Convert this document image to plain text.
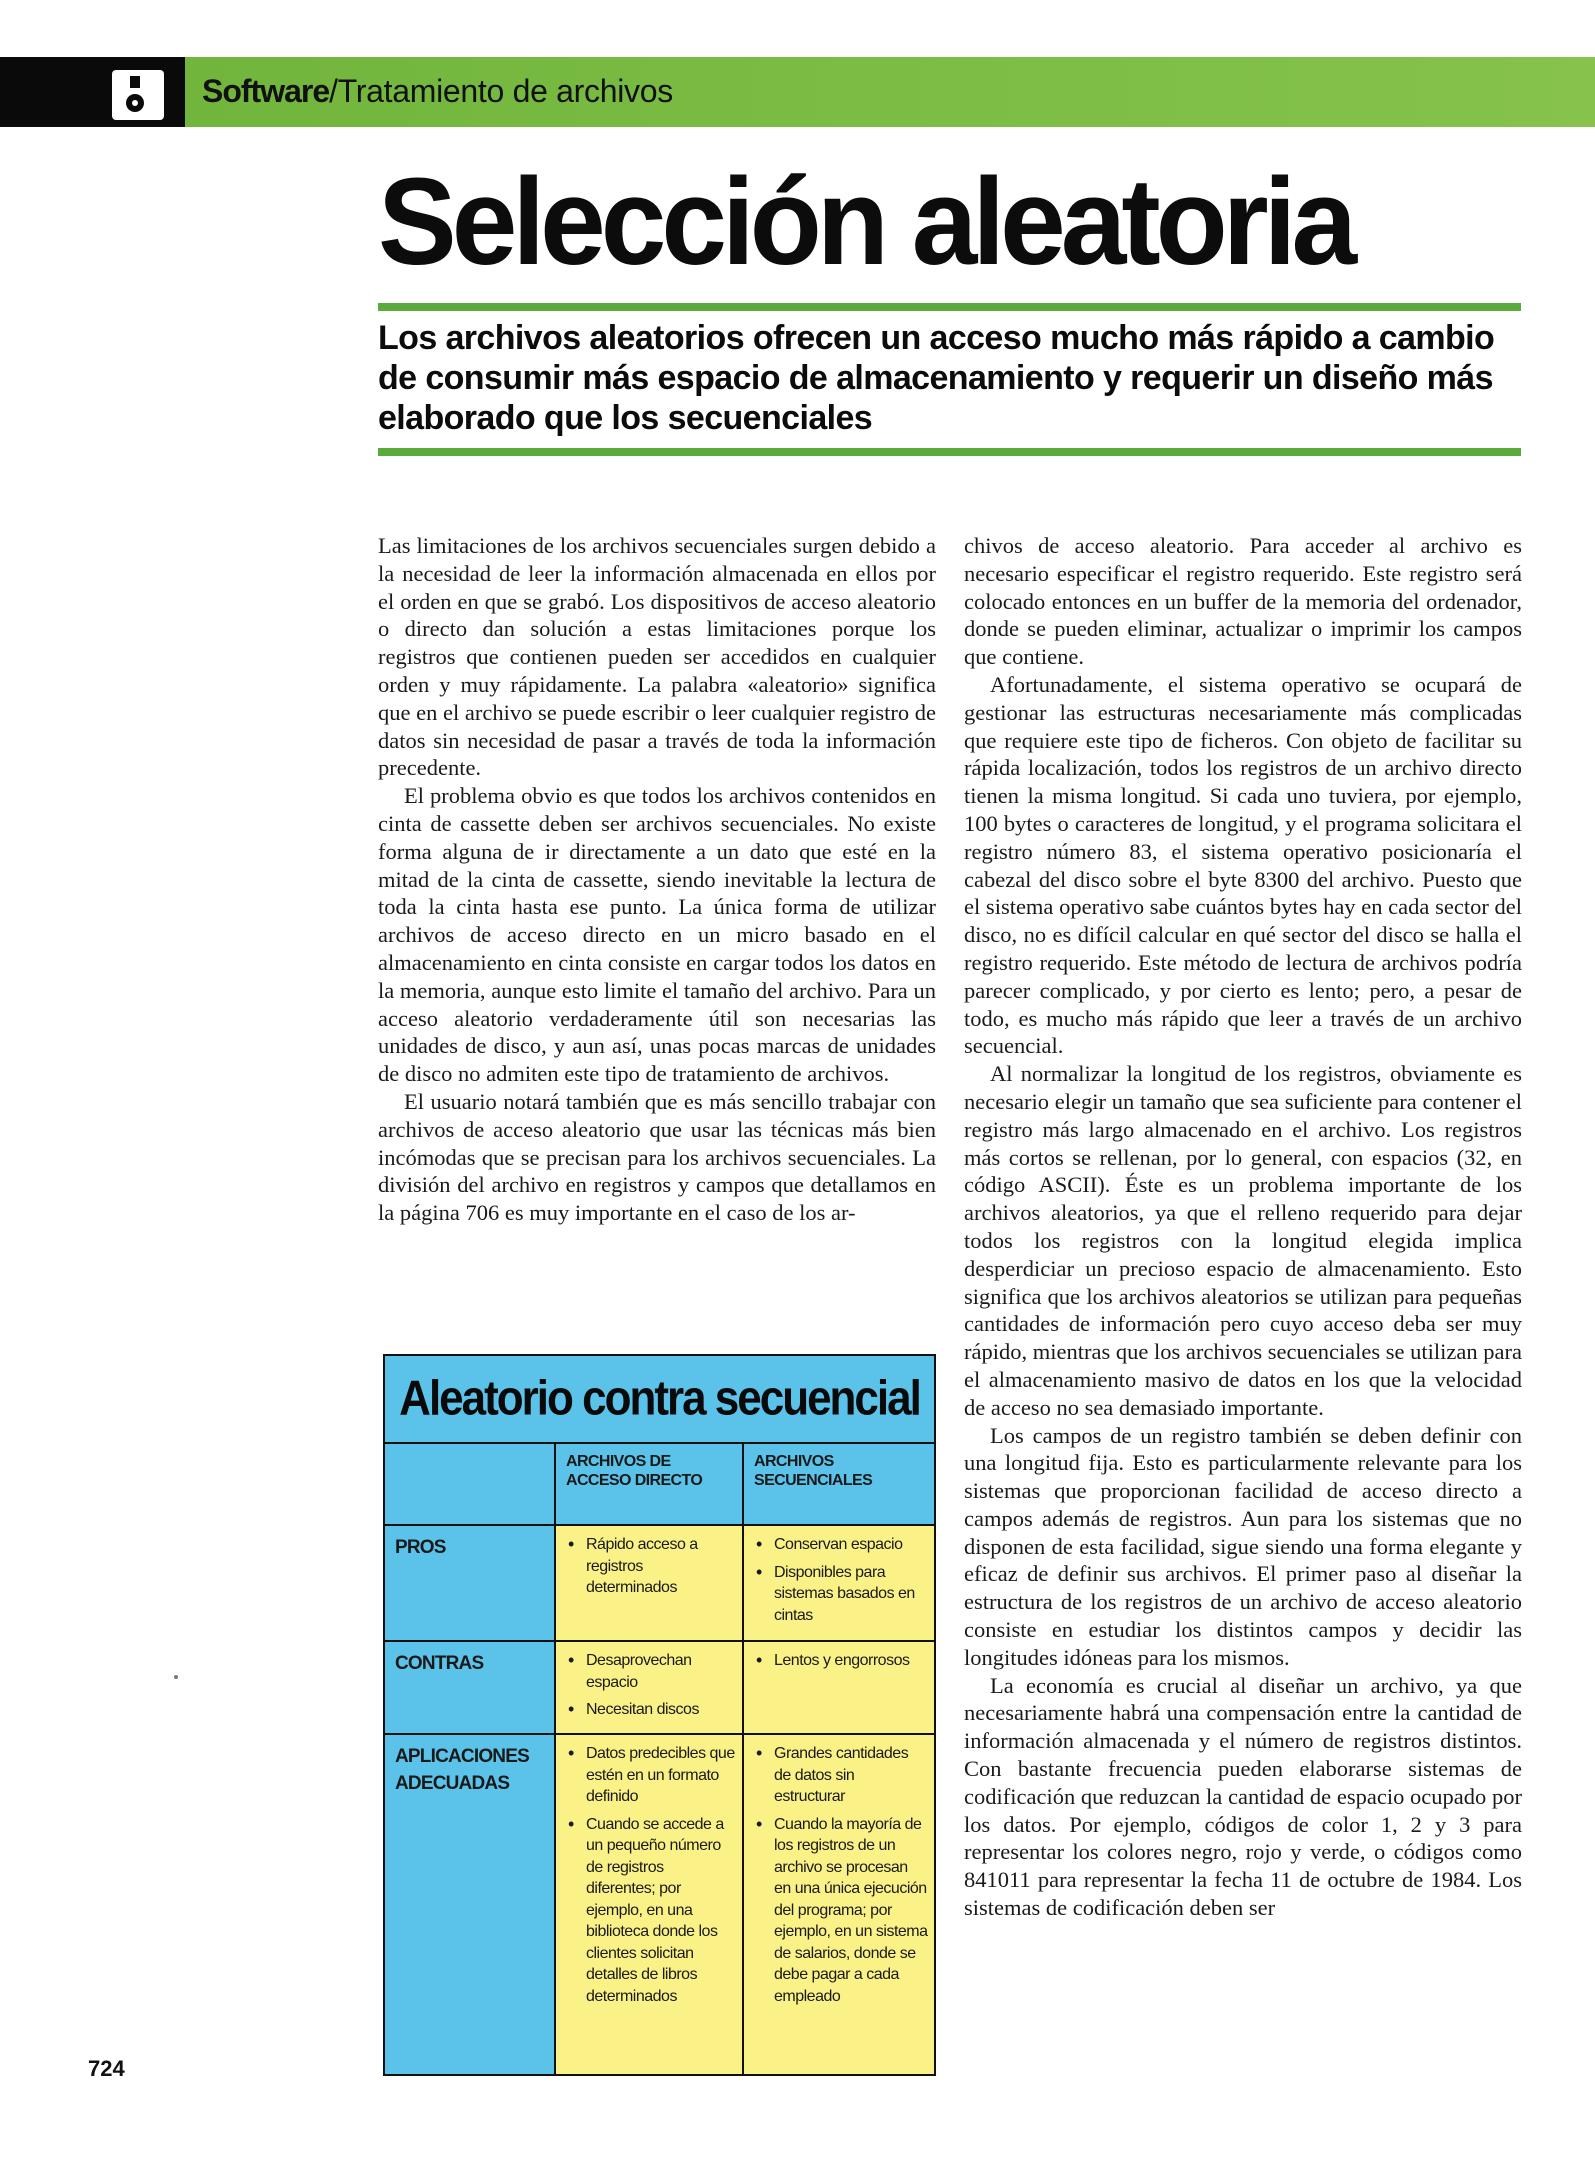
Software/Tratamiento de archivos
Selección aleatoria

Los archivos aleatorios ofrecen un acceso mucho más rápido a cambio de consumir más espacio de almacenamiento y requerir un diseño más elaborado que los secuenciales

Las limitaciones de los archivos secuenciales surgen debido a la necesidad de leer la información almacenada en ellos por el orden en que se grabó. Los dispositivos de acceso aleatorio o directo dan solución a estas limitaciones porque los registros que contienen pueden ser accedidos en cualquier orden y muy rápidamente. La palabra «aleatorio» significa que en el archivo se puede escribir o leer cualquier registro de datos sin necesidad de pasar a través de toda la información precedente.

El problema obvio es que todos los archivos contenidos en cinta de cassette deben ser archivos secuenciales. No existe forma alguna de ir directamente a un dato que esté en la mitad de la cinta de cassette, siendo inevitable la lectura de toda la cinta hasta ese punto. La única forma de utilizar archivos de acceso directo en un micro basado en el almacenamiento en cinta consiste en cargar todos los datos en la memoria, aunque esto limite el tamaño del archivo. Para un acceso aleatorio verdaderamente útil son necesarias las unidades de disco, y aun así, unas pocas marcas de unidades de disco no admiten este tipo de tratamiento de archivos.

El usuario notará también que es más sencillo trabajar con archivos de acceso aleatorio que usar las técnicas más bien incómodas que se precisan para los archivos secuenciales. La división del archivo en registros y campos que detallamos en la página 706 es muy importante en el caso de los ar-

chivos de acceso aleatorio. Para acceder al archivo es necesario especificar el registro requerido. Este registro será colocado entonces en un buffer de la memoria del ordenador, donde se pueden eliminar, actualizar o imprimir los campos que contiene.

Afortunadamente, el sistema operativo se ocupará de gestionar las estructuras necesariamente más complicadas que requiere este tipo de ficheros. Con objeto de facilitar su rápida localización, todos los registros de un archivo directo tienen la misma longitud. Si cada uno tuviera, por ejemplo, 100 bytes o caracteres de longitud, y el programa solicitara el registro número 83, el sistema operativo posicionaría el cabezal del disco sobre el byte 8300 del archivo. Puesto que el sistema operativo sabe cuántos bytes hay en cada sector del disco, no es difícil calcular en qué sector del disco se halla el registro requerido. Este método de lectura de archivos podría parecer complicado, y por cierto es lento; pero, a pesar de todo, es mucho más rápido que leer a través de un archivo secuencial.

Al normalizar la longitud de los registros, obviamente es necesario elegir un tamaño que sea suficiente para contener el registro más largo almacenado en el archivo. Los registros más cortos se rellenan, por lo general, con espacios (32, en código ASCII). Éste es un problema importante de los archivos aleatorios, ya que el relleno requerido para dejar todos los registros con la longitud elegida implica desperdiciar un precioso espacio de almacenamiento. Esto significa que los archivos aleatorios se utilizan para pequeñas cantidades de información pero cuyo acceso deba ser muy rápido, mientras que los archivos secuenciales se utilizan para el almacenamiento masivo de datos en los que la velocidad de acceso no sea demasiado importante.

Los campos de un registro también se deben definir con una longitud fija. Esto es particularmente relevante para los sistemas que proporcionan facilidad de acceso directo a campos además de registros. Aun para los sistemas que no disponen de esta facilidad, sigue siendo una forma elegante y eficaz de definir sus archivos. El primer paso al diseñar la estructura de los registros de un archivo de acceso aleatorio consiste en estudiar los distintos campos y decidir las longitudes idóneas para los mismos.

La economía es crucial al diseñar un archivo, ya que necesariamente habrá una compensación entre la cantidad de información almacenada y el número de registros distintos. Con bastante frecuencia pueden elaborarse sistemas de codificación que reduzcan la cantidad de espacio ocupado por los datos. Por ejemplo, códigos de color 1, 2 y 3 para representar los colores negro, rojo y verde, o códigos como 841011 para representar la fecha 11 de octubre de 1984. Los sistemas de codificación deben ser

Aleatorio contra secuencial
ARCHIVOS DE ACCESO DIRECTO
ARCHIVOS SECUENCIALES
PROS	• Rápido acceso a registros determinados
• Conservan espacio
• Disponibles para sistemas basados en cintas
CONTRAS	• Desaprovechan espacio
• Necesitan discos
• Lentos y engorrosos
APLICACIONES ADECUADAS
• Datos predecibles que estén en un formato definido
• Cuando se accede a un pequeño número de registros diferentes; por ejemplo, en una biblioteca donde los clientes solicitan detalles de libros determinados
• Grandes cantidades de datos sin estructurar
• Cuando la mayoría de los registros de un archivo se procesan en una única ejecución del programa; por ejemplo, en un sistema de salarios, donde se debe pagar a cada empleado
724
